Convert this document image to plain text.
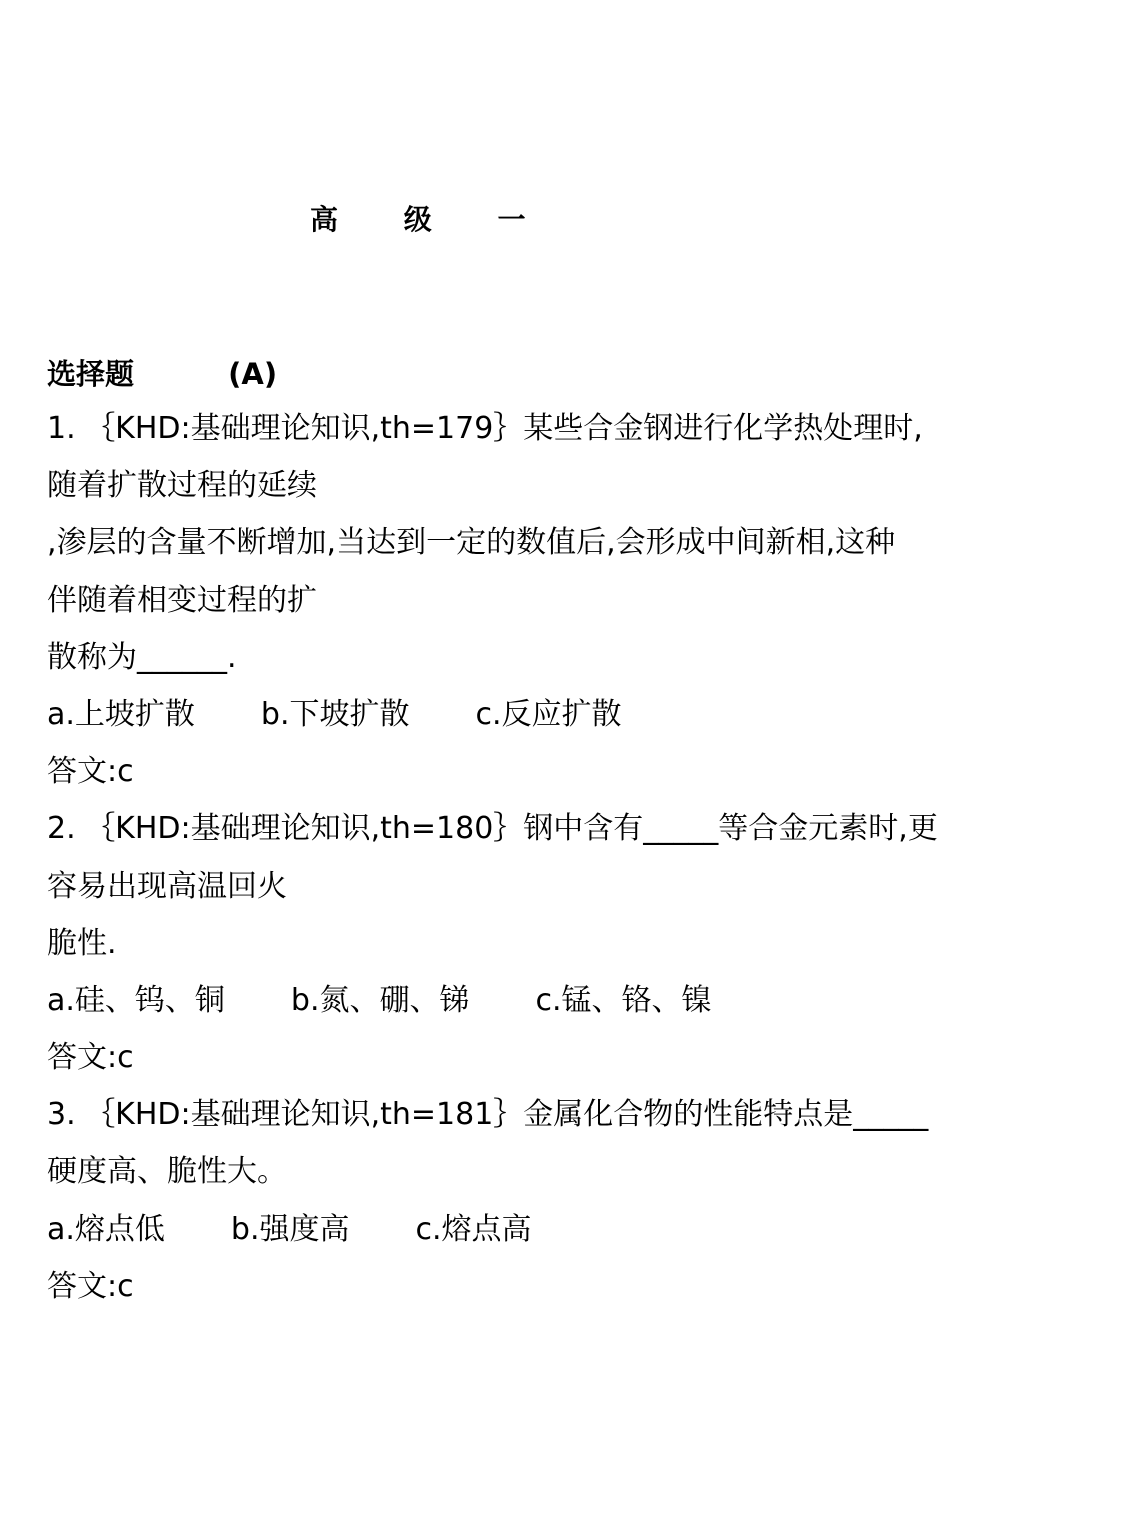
高 级 一
选择题	(A)
1. ｛KHD:基础理论知识,th=179｝某些合金钢进行化学热处理时,
随着扩散过程的延续
,渗层的含量不断增加,当达到一定的数值后,会形成中间新相,这种
伴随着相变过程的扩
散称为______.
a.上坡扩散 b.下坡扩散 c.反应扩散
答文:c
2. ｛KHD:基础理论知识,th=180｝钢中含有_____等合金元素时,更
容易出现高温回火
脆性.
a.硅、钨、铜 b.氮、硼、锑 c.锰、铬、镍
答文:c
3. ｛KHD:基础理论知识,th=181｝金属化合物的性能特点是_____
硬度高、脆性大。
a.熔点低 b.强度高 c.熔点高
答文:c
